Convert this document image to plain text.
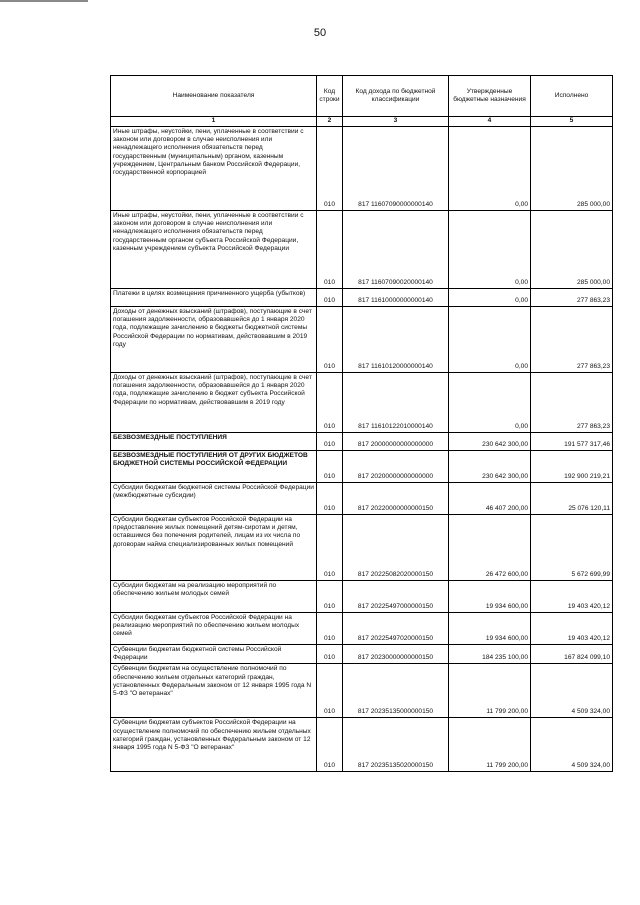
50
Наименование показателя	Код строки	Код дохода по бюджетной классификации	Утвержденные бюджетные назначения	Исполнено
1	2	3	4	5
Иные штрафы, неустойки, пени, уплаченные в соответствии с законом или договором в случае неисполнения или ненадлежащего исполнения обязательств перед государственным (муниципальным) органом, казенным учреждением, Центральным банком Российской Федерации, государственной корпорацией	010	817 11607090000000140	0,00	285 000,00
Иные штрафы, неустойки, пени, уплаченные в соответствии с законом или договором в случае неисполнения или ненадлежащего исполнения обязательств перед государственным органом субъекта Российской Федерации, казенным учреждением субъекта Российской Федерации	010	817 11607090020000140	0,00	285 000,00
Платежи в целях возмещения причиненного ущерба (убытков)	010	817 11610000000000140	0,00	277 863,23
Доходы от денежных взысканий (штрафов), поступающие в счет погашения задолженности, образовавшейся до 1 января 2020 года, подлежащие зачислению в бюджеты бюджетной системы Российской Федерации по нормативам, действовавшим в 2019 году	010	817 11610120000000140	0,00	277 863,23
Доходы от денежных взысканий (штрафов), поступающие в счет погашения задолженности, образовавшейся до 1 января 2020 года, подлежащие зачислению в бюджет субъекта Российской Федерации по нормативам, действовавшим в 2019 году	010	817 11610122010000140	0,00	277 863,23
БЕЗВОЗМЕЗДНЫЕ ПОСТУПЛЕНИЯ	010	817 20000000000000000	230 642 300,00	191 577 317,46
БЕЗВОЗМЕЗДНЫЕ ПОСТУПЛЕНИЯ ОТ ДРУГИХ БЮДЖЕТОВ БЮДЖЕТНОЙ СИСТЕМЫ РОССИЙСКОЙ ФЕДЕРАЦИИ	010	817 20200000000000000	230 642 300,00	192 900 219,21
Субсидии бюджетам бюджетной системы Российской Федерации (межбюджетные субсидии)	010	817 20220000000000150	46 407 200,00	25 076 120,11
Субсидии бюджетам субъектов Российской Федерации на предоставление жилых помещений детям-сиротам и детям, оставшимся без попечения родителей, лицам из их числа по договорам найма специализированных жилых помещений	010	817 20225082020000150	26 472 600,00	5 672 699,99
Субсидии бюджетам на реализацию мероприятий по обеспечению жильем молодых семей	010	817 20225497000000150	19 934 600,00	19 403 420,12
Субсидии бюджетам субъектов Российской Федерации на реализацию мероприятий по обеспечению жильем молодых семей	010	817 20225497020000150	19 934 600,00	19 403 420,12
Субвенции бюджетам бюджетной системы Российской Федерации	010	817 20230000000000150	184 235 100,00	167 824 099,10
Субвенции бюджетам на осуществление полномочий по обеспечению жильем отдельных категорий граждан, установленных Федеральным законом от 12 января 1995 года N 5-ФЗ "О ветеранах"	010	817 20235135000000150	11 799 200,00	4 509 324,00
Субвенции бюджетам субъектов Российской Федерации на осуществление полномочий по обеспечению жильем отдельных категорий граждан, установленных Федеральным законом от 12 января 1995 года N 5-ФЗ "О ветеранах"	010	817 20235135020000150	11 799 200,00	4 509 324,00
